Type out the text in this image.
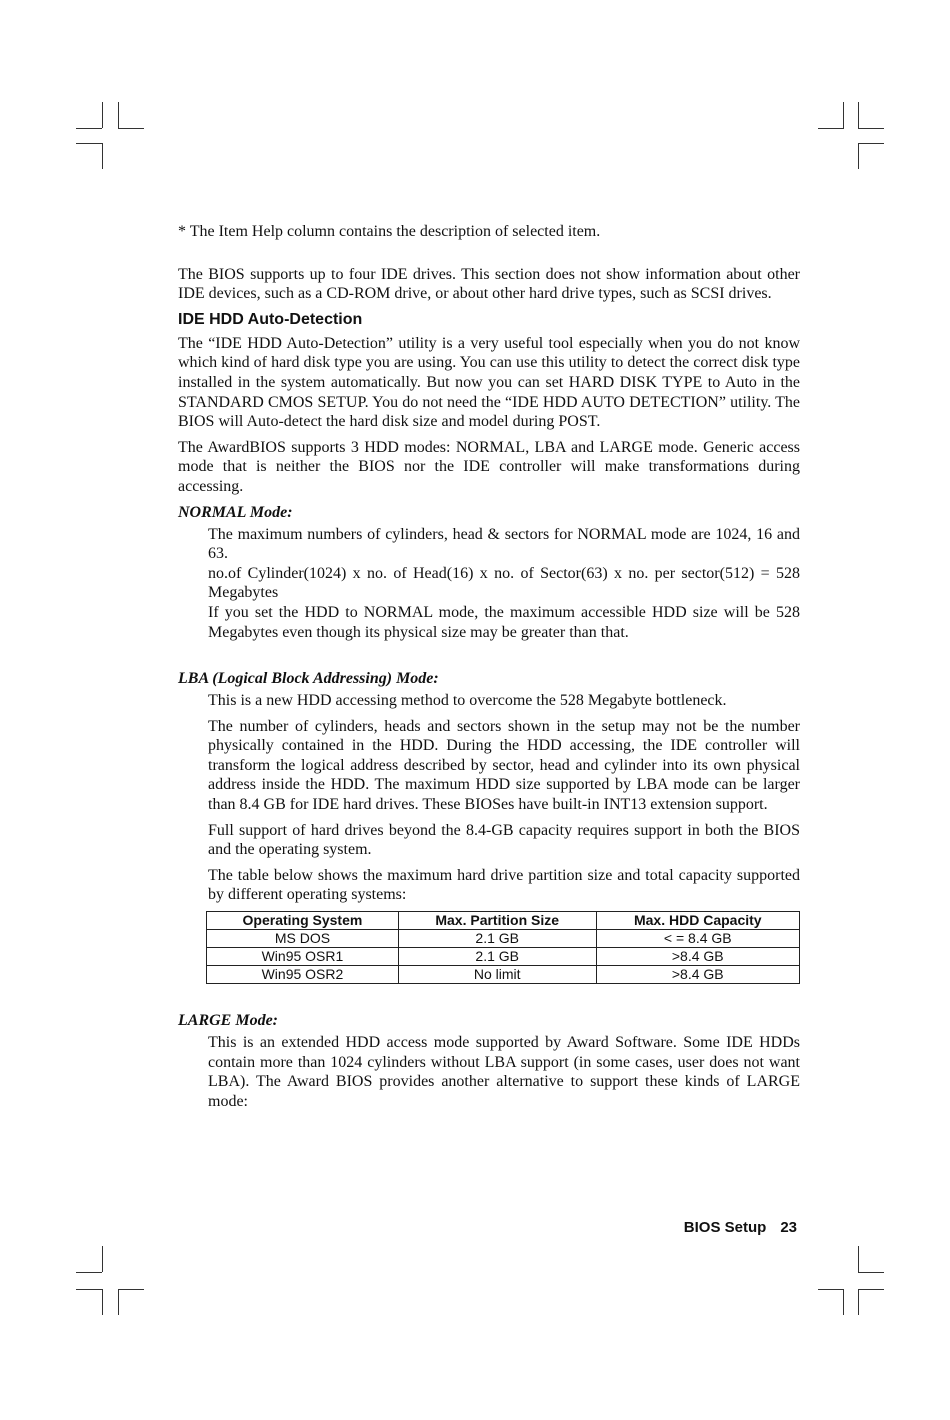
* The Item Help column contains the description of selected item.

The BIOS supports up to four IDE drives. This section does not show information about other IDE devices, such as a CD-ROM drive, or about other hard drive types, such as SCSI drives.

IDE HDD Auto-Detection

The “IDE HDD Auto-Detection” utility is a very useful tool especially when you do not know which kind of hard disk type you are using. You can use this utility to detect the correct disk type installed in the system automatically. But now you can set HARD DISK TYPE to Auto in the STANDARD CMOS SETUP. You do not need the “IDE HDD AUTO DETECTION” utility. The BIOS will Auto-detect the hard disk size and model during POST.

The AwardBIOS supports 3 HDD modes: NORMAL, LBA and LARGE mode. Generic access mode that is neither the BIOS nor the IDE controller will make transformations during accessing.

NORMAL Mode:

The maximum numbers of cylinders, head & sectors for NORMAL mode are 1024, 16 and 63.

no.of Cylinder(1024) x no. of Head(16) x no. of Sector(63) x no. per sector(512) = 528 Megabytes

If you set the HDD to NORMAL mode, the maximum accessible HDD size will be 528 Megabytes even though its physical size may be greater than that.

LBA (Logical Block Addressing) Mode:

This is a new HDD accessing method to overcome the 528 Megabyte bottleneck.

The number of cylinders, heads and sectors shown in the setup may not be the number physically contained in the HDD. During the HDD accessing, the IDE controller will transform the logical address described by sector, head and cylinder into its own physical address inside the HDD. The maximum HDD size supported by LBA mode can be larger than 8.4 GB for IDE hard drives. These BIOSes have built-in INT13 extension support.

Full support of hard drives beyond the 8.4-GB capacity requires support in both the BIOS and the operating system.

The table below shows the maximum hard drive partition size and total capacity supported by different operating systems:

Operating System	Max. Partition Size	Max. HDD Capacity
MS DOS	2.1 GB	< = 8.4 GB
Win95 OSR1	2.1 GB	>8.4 GB
Win95 OSR2	No limit	>8.4 GB
LARGE Mode:

This is an extended HDD access mode supported by Award Software. Some IDE HDDs contain more than 1024 cylinders without LBA support (in some cases, user does not want LBA). The Award BIOS provides another alternative to support these kinds of LARGE mode:

BIOS Setup 23
